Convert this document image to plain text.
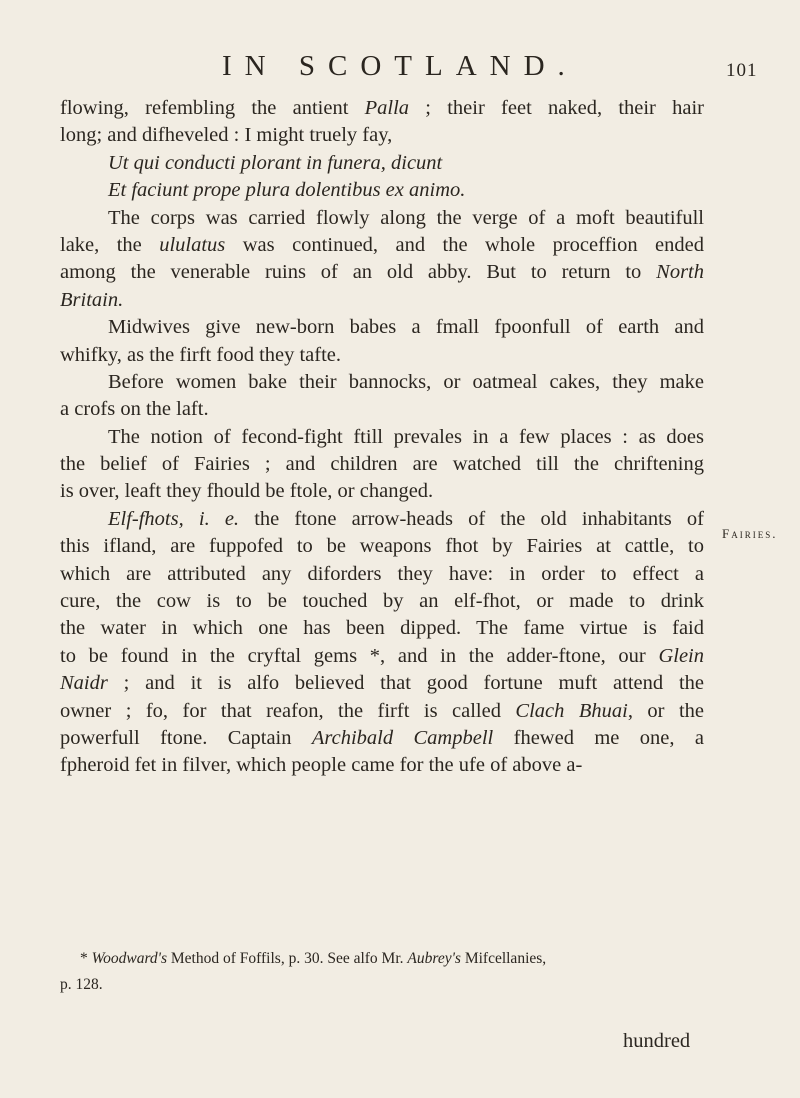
IN SCOTLAND.	101
flowing, refembling the antient Palla ; their feet naked, their hair
long; and difheveled : I might truely fay,
Ut qui conducti plorant in funera, dicunt
Et faciunt prope plura dolentibus ex animo.
The corps was carried flowly along the verge of a moft beautifull
lake, the ululatus was continued, and the whole proceffion ended
among the venerable ruins of an old abby. But to return to North
Britain.
Midwives give new-born babes a fmall fpoonfull of earth and
whifky, as the firft food they tafte.
Before women bake their bannocks, or oatmeal cakes, they make
a crofs on the laft.
The notion of fecond-fight ftill prevales in a few places : as does
the belief of Fairies ; and children are watched till the chriftening
is over, leaft they fhould be ftole, or changed.
Elf-fhots, i. e. the ftone arrow-heads of the old inhabitants of
this ifland, are fuppofed to be weapons fhot by Fairies at cattle, to
which are attributed any diforders they have: in order to effect a
cure, the cow is to be touched by an elf-fhot, or made to drink
the water in which one has been dipped. The fame virtue is faid
to be found in the cryftal gems *, and in the adder-ftone, our Glein
Naidr ; and it is alfo believed that good fortune muft attend the
owner ; fo, for that reafon, the firft is called Clach Bhuai, or the
powerfull ftone. Captain Archibald Campbell fhewed me one, a
fpheroid fet in filver, which people came for the ufe of above a-
Fairies.
* Woodward's Method of Foffils, p. 30. See alfo Mr. Aubrey's Mifcellanies,
p. 128.
hundred
